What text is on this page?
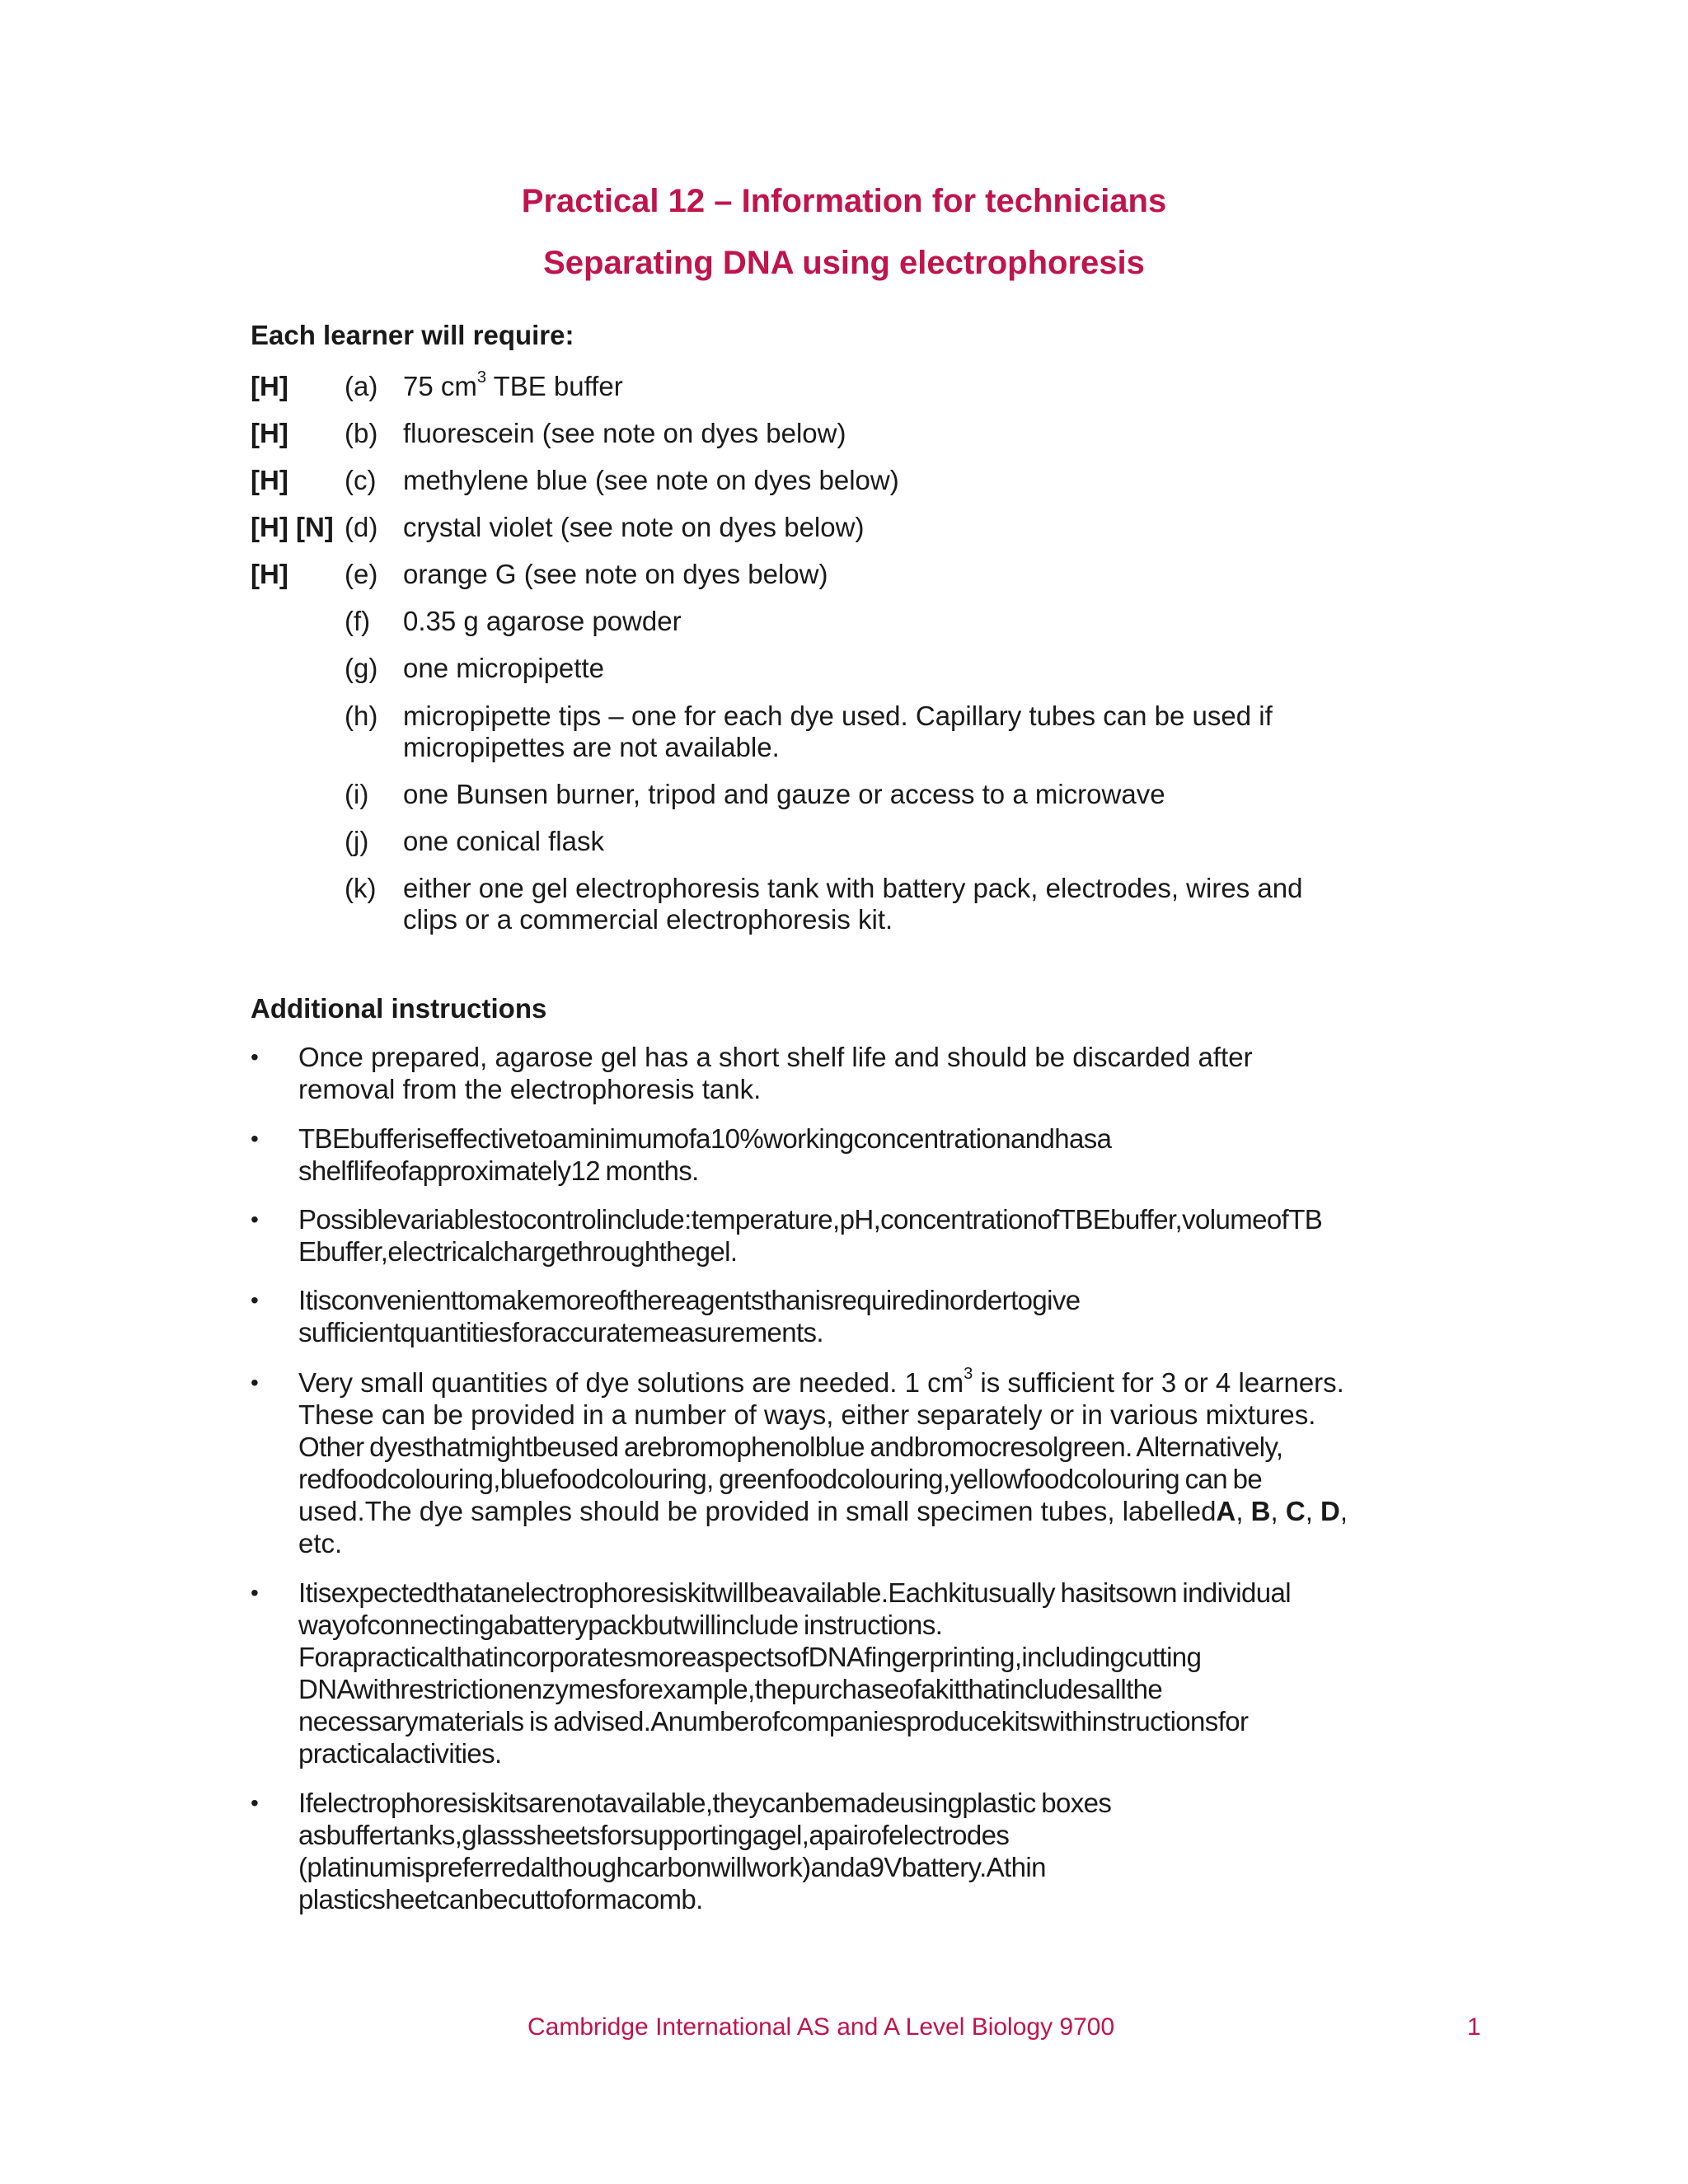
Practical 12 – Information for technicians
Separating DNA using electrophoresis
Each learner will require:
[H] (a) 75 $cm^3$ TBE buffer
[H] (b) fluorescein (see note on dyes below)
[H] (c) methylene blue (see note on dyes below)
[H] [N] (d) crystal violet (see note on dyes below)
[H] (e) orange G (see note on dyes below)
(f) 0.35 g agarose powder
(g) one micropipette
(h) micropipette tips – one for each dye used. Capillary tubes can be used if
micropipettes are not available.
(i) one Bunsen burner, tripod and gauze or access to a microwave
(j) one conical flask
(k) either one gel electrophoresis tank with battery pack, electrodes, wires and
clips or a commercial electrophoresis kit.
Additional instructions
• Once prepared, agarose gel has a short shelf life and should be discarded after
removal from the electrophoresis tank.
• TBEbufferiseffectivetoaminimumofa10%workingconcentrationandhasa
shelflifeofapproximately12 months.
• Possiblevariablestocontrolinclude:temperature,pH,concentrationofTBEbuffer,volumeofTB
Ebuffer,electricalchargethroughthegel.
• Itisconvenienttomakemoreofthereagentsthanisrequiredinordertogive
sufficientquantitiesforaccuratemeasurements.
• Very small quantities of dye solutions are needed. 1 $cm^3$ is sufficient for 3 or 4 learners.
These can be provided in a number of ways, either separately or in various mixtures.
Other dyesthatmightbeused arebromophenolblue andbromocresolgreen. Alternatively,
redfoodcolouring,bluefoodcolouring, greenfoodcolouring,yellowfoodcolouring can be
used.The dye samples should be provided in small specimen tubes, labelledA, B, C, D,
etc.
• Itisexpectedthatanelectrophoresiskitwillbeavailable.Eachkitusually hasitsown individual
wayofconnectingabatterypackbutwillinclude instructions.
ForapracticalthatincorporatesmoreaspectsofDNAfingerprinting,includingcutting
DNAwithrestrictionenzymesforexample,thepurchaseofakitthatincludesallthe
necessarymaterials is advised.Anumberofcompaniesproducekitswithinstructionsfor
practicalactivities.
• Ifelectrophoresiskitsarenotavailable,theycanbemadeusingplastic boxes
asbuffertanks,glasssheetsforsupportingagel,apairofelectrodes
(platinumispreferredalthoughcarbonwillwork)anda9Vbattery.Athin
plasticsheetcanbecuttoformacomb.
Cambridge International AS and A Level Biology 9700	1
